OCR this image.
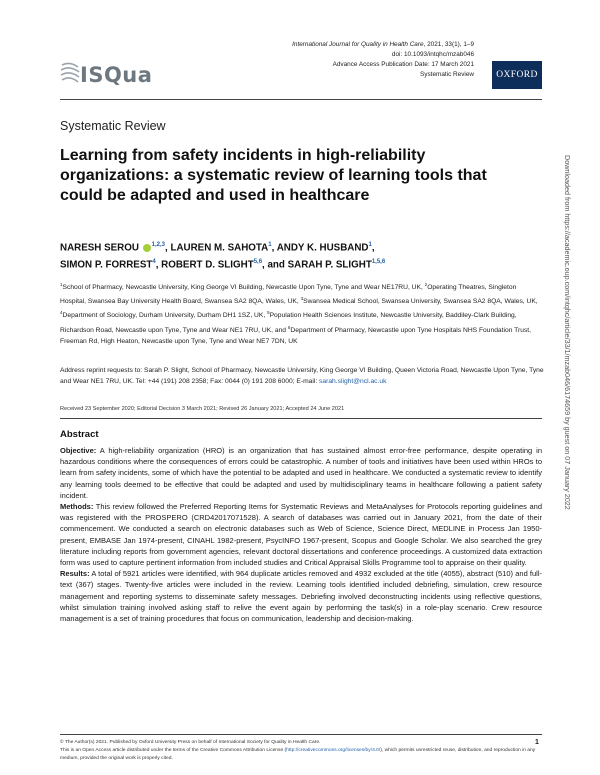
ISQua
International Journal for Quality in Health Care, 2021, 33(1), 1–9
doi: 10.1093/intqhc/mzab046
Advance Access Publication Date: 17 March 2021
Systematic Review	OXFORD
Systematic Review
Learning from safety incidents in high-reliability organizations: a systematic review of learning tools that could be adapted and used in healthcare
NARESH SEROU $^{1,2,3}$, LAUREN M. SAHOTA$^1$, ANDY K. HUSBAND$^1$,
SIMON P. FORREST$^4$, ROBERT D. SLIGHT$^{5,6}$, and SARAH P. SLIGHT$^{1,5,6}$
$^1$School of Pharmacy, Newcastle University, King George VI Building, Newcastle Upon Tyne, Tyne and Wear NE17RU, UK, $^2$Operating Theatres, Singleton Hospital, Swansea Bay University Health Board, Swansea SA2 8QA, Wales, UK, $^3$Swansea Medical School, Swansea University, Swansea SA2 8QA, Wales, UK, $^4$Department of Sociology, Durham University, Durham DH1 1SZ, UK, $^5$Population Health Sciences Institute, Newcastle University, Baddiley-Clark Building, Richardson Road, Newcastle upon Tyne, Tyne and Wear NE1 7RU, UK, and $^6$Department of Pharmacy, Newcastle upon Tyne Hospitals NHS Foundation Trust, Freeman Rd, High Heaton, Newcastle upon Tyne, Tyne and Wear NE7 7DN, UK
Address reprint requests to: Sarah P. Slight, School of Pharmacy, Newcastle University, King George VI Building, Queen Victoria Road, Newcastle Upon Tyne, Tyne and Wear NE1 7RU, UK. Tel: +44 (191) 208 2358; Fax: 0044 (0) 191 208 6000; E-mail: sarah.slight@ncl.ac.uk
Received 23 September 2020; Editorial Decision 3 March 2021; Revised 26 January 2021; Accepted 24 June 2021
Abstract

Objective: A high-reliability organization (HRO) is an organization that has sustained almost error-free performance, despite operating in hazardous conditions where the consequences of errors could be catastrophic. A number of tools and initiatives have been used within HROs to learn from safety incidents, some of which have the potential to be adapted and used in healthcare. We conducted a systematic review to identify any learning tools deemed to be effective that could be adapted and used by multidisciplinary teams in healthcare following a patient safety incident.

Methods: This review followed the Preferred Reporting Items for Systematic Reviews and MetaAnalyses for Protocols reporting guidelines and was registered with the PROSPERO (CRD42017071528). A search of databases was carried out in January 2021, from the date of their commencement. We conducted a search on electronic databases such as Web of Science, Science Direct, MEDLINE in Process Jan 1950-present, EMBASE Jan 1974-present, CINAHL 1982-present, PsycINFO 1967-present, Scopus and Google Scholar. We also searched the grey literature including reports from government agencies, relevant doctoral dissertations and conference proceedings. A customized data extraction form was used to capture pertinent information from included studies and Critical Appraisal Skills Programme tool to appraise on their quality.

Results: A total of 5921 articles were identified, with 964 duplicate articles removed and 4932 excluded at the title (4055), abstract (510) and full-text (367) stages. Twenty-five articles were included in the review. Learning tools identified included debriefing, simulation, crew resource management and reporting systems to disseminate safety messages. Debriefing involved deconstructing incidents using reflective questions, whilst simulation training involved asking staff to relive the event again by performing the task(s) in a role-play scenario. Crew resource management is a set of training procedures that focus on communication, leadership and decision-making.

© The Author(s) 2021. Published by Oxford University Press on behalf of International Society for Quality in Health Care.
This is an Open Access article distributed under the terms of the Creative Commons Attribution License (http://creativecommons.org/licenses/by/4.0/), which permits unrestricted reuse, distribution, and reproduction in any medium, provided the original work is properly cited.
1
Downloaded from https://academic.oup.com/intqhc/article/33/1/mzab046/6174659 by guest on 07 January 2022
